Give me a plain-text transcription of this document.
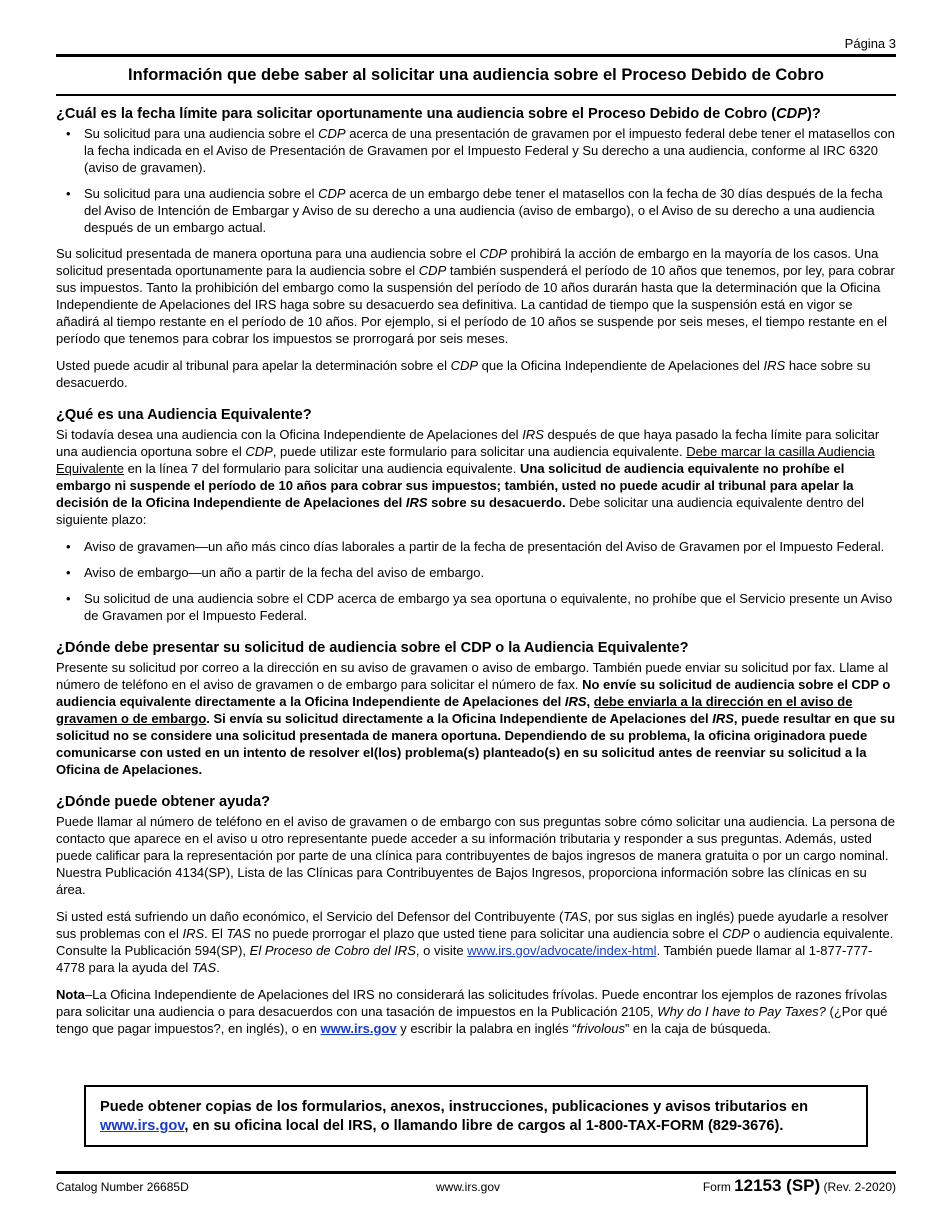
Página 3
Información que debe saber al solicitar una audiencia sobre el Proceso Debido de Cobro
¿Cuál es la fecha límite para solicitar oportunamente una audiencia sobre el Proceso Debido de Cobro (CDP)?
• Su solicitud para una audiencia sobre el CDP acerca de una presentación de gravamen por el impuesto federal debe tener el matasellos con la fecha indicada en el Aviso de Presentación de Gravamen por el Impuesto Federal y Su derecho a una audiencia, conforme al IRC 6320 (aviso de gravamen).
• Su solicitud para una audiencia sobre el CDP acerca de un embargo debe tener el matasellos con la fecha de 30 días después de la fecha del Aviso de Intención de Embargar y Aviso de su derecho a una audiencia (aviso de embargo), o el Aviso de su derecho a una audiencia después de un embargo actual.

Su solicitud presentada de manera oportuna para una audiencia sobre el CDP prohibirá la acción de embargo en la mayoría de los casos. Una solicitud presentada oportunamente para la audiencia sobre el CDP también suspenderá el período de 10 años que tenemos, por ley, para cobrar sus impuestos. Tanto la prohibición del embargo como la suspensión del período de 10 años durarán hasta que la determinación que la Oficina Independiente de Apelaciones del IRS haga sobre su desacuerdo sea definitiva. La cantidad de tiempo que la suspensión está en vigor se añadirá al tiempo restante en el período de 10 años. Por ejemplo, si el período de 10 años se suspende por seis meses, el tiempo restante en el período que tenemos para cobrar los impuestos se prorrogará por seis meses.

Usted puede acudir al tribunal para apelar la determinación sobre el CDP que la Oficina Independiente de Apelaciones del IRS hace sobre su desacuerdo.

¿Qué es una Audiencia Equivalente?

Si todavía desea una audiencia con la Oficina Independiente de Apelaciones del IRS después de que haya pasado la fecha límite para solicitar una audiencia oportuna sobre el CDP, puede utilizar este formulario para solicitar una audiencia equivalente. Debe marcar la casilla Audiencia Equivalente en la línea 7 del formulario para solicitar una audiencia equivalente. Una solicitud de audiencia equivalente no prohíbe el embargo ni suspende el período de 10 años para cobrar sus impuestos; también, usted no puede acudir al tribunal para apelar la decisión de la Oficina Independiente de Apelaciones del IRS sobre su desacuerdo. Debe solicitar una audiencia equivalente dentro del siguiente plazo:

• Aviso de gravamen—un año más cinco días laborales a partir de la fecha de presentación del Aviso de Gravamen por el Impuesto Federal.
• Aviso de embargo—un año a partir de la fecha del aviso de embargo.
• Su solicitud de una audiencia sobre el CDP acerca de embargo ya sea oportuna o equivalente, no prohíbe que el Servicio presente un Aviso de Gravamen por el Impuesto Federal.
¿Dónde debe presentar su solicitud de audiencia sobre el CDP o la Audiencia Equivalente?

Presente su solicitud por correo a la dirección en su aviso de gravamen o aviso de embargo. También puede enviar su solicitud por fax. Llame al número de teléfono en el aviso de gravamen o de embargo para solicitar el número de fax. No envíe su solicitud de audiencia sobre el CDP o audiencia equivalente directamente a la Oficina Independiente de Apelaciones del IRS, debe enviarla a la dirección en el aviso de gravamen o de embargo. Si envía su solicitud directamente a la Oficina Independiente de Apelaciones del IRS, puede resultar en que su solicitud no se considere una solicitud presentada de manera oportuna. Dependiendo de su problema, la oficina originadora puede comunicarse con usted en un intento de resolver el(los) problema(s) planteado(s) en su solicitud antes de reenviar su solicitud a la Oficina de Apelaciones.

¿Dónde puede obtener ayuda?

Puede llamar al número de teléfono en el aviso de gravamen o de embargo con sus preguntas sobre cómo solicitar una audiencia. La persona de contacto que aparece en el aviso u otro representante puede acceder a su información tributaria y responder a sus preguntas. Además, usted puede calificar para la representación por parte de una clínica para contribuyentes de bajos ingresos de manera gratuita o por un cargo nominal. Nuestra Publicación 4134(SP), Lista de las Clínicas para Contribuyentes de Bajos Ingresos, proporciona información sobre las clínicas en su área.

Si usted está sufriendo un daño económico, el Servicio del Defensor del Contribuyente (TAS, por sus siglas en inglés) puede ayudarle a resolver sus problemas con el IRS. El TAS no puede prorrogar el plazo que usted tiene para solicitar una audiencia sobre el CDP o audiencia equivalente. Consulte la Publicación 594(SP), El Proceso de Cobro del IRS, o visite www.irs.gov/advocate/index-html. También puede llamar al 1-877-777-4778 para la ayuda del TAS.

Nota–La Oficina Independiente de Apelaciones del IRS no considerará las solicitudes frívolas. Puede encontrar los ejemplos de razones frívolas para solicitar una audiencia o para desacuerdos con una tasación de impuestos en la Publicación 2105, Why do I have to Pay Taxes? (¿Por qué tengo que pagar impuestos?, en inglés), o en www.irs.gov y escribir la palabra en inglés “frivolous” en la caja de búsqueda.

Puede obtener copias de los formularios, anexos, instrucciones, publicaciones y avisos tributarios en www.irs.gov, en su oficina local del IRS, o llamando libre de cargos al 1-800-TAX-FORM (829-3676).
Catalog Number 26685D	www.irs.gov	Form 12153 (SP) (Rev. 2-2020)
